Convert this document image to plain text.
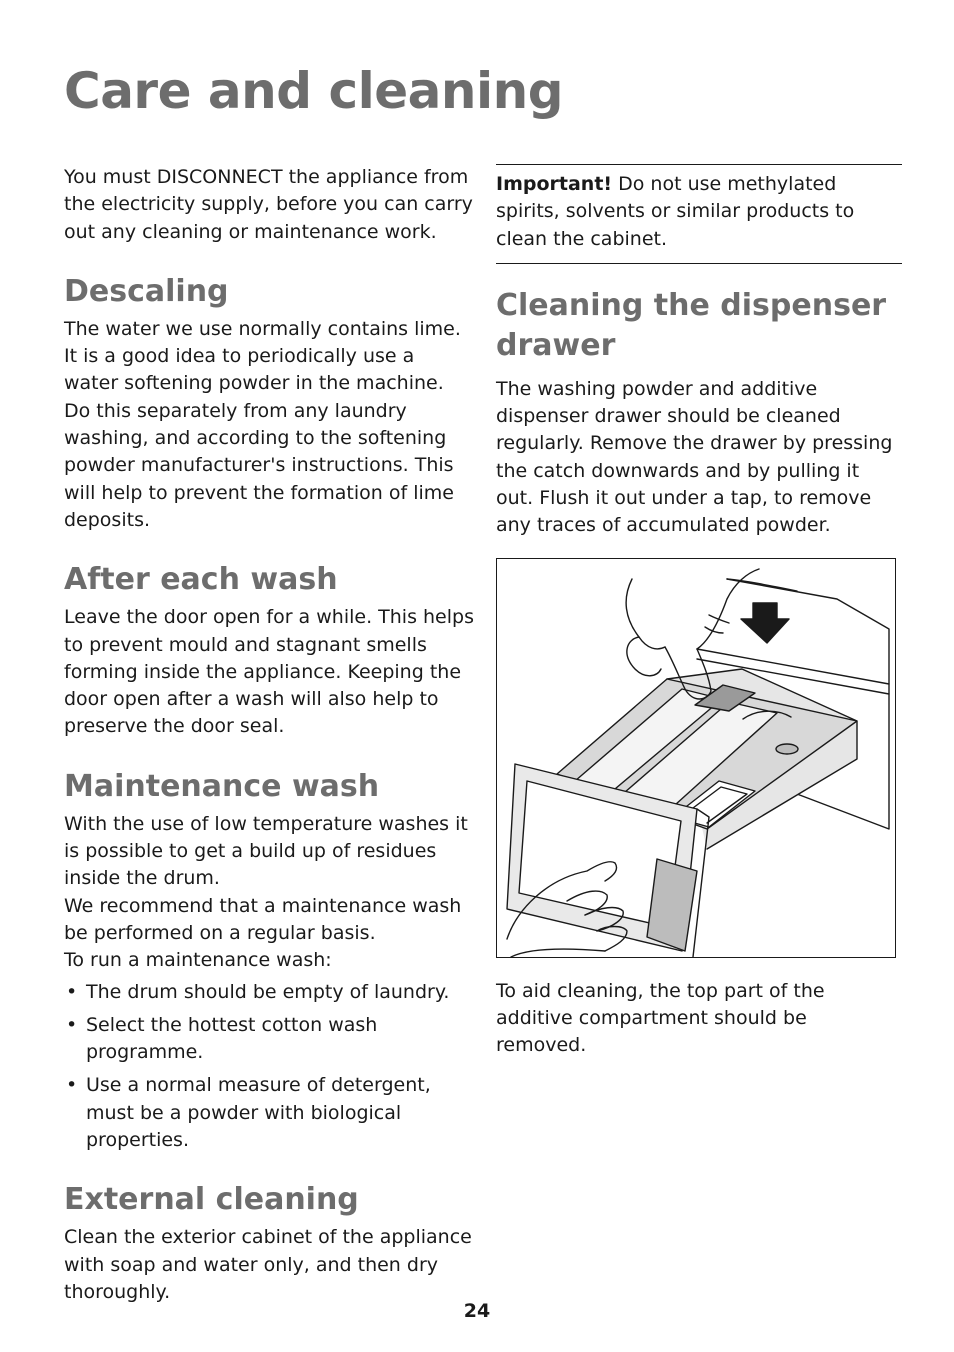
Care and cleaning

You must DISCONNECT the appliance from the electricity supply, before you can carry out any cleaning or maintenance work.

Descaling

The water we use normally contains lime. It is a good idea to periodically use a water softening powder in the machine. Do this separately from any laundry washing, and according to the softening powder manufacturer's instructions. This will help to prevent the formation of lime deposits.

After each wash

Leave the door open for a while. This helps to prevent mould and stagnant smells forming inside the appliance. Keeping the door open after a wash will also help to preserve the door seal.

Maintenance wash

With the use of low temperature washes it is possible to get a build up of residues inside the drum.

We recommend that a maintenance wash be performed on a regular basis.

To run a maintenance wash:

• The drum should be empty of laundry.
• Select the hottest cotton wash programme.
• Use a normal measure of detergent, must be a powder with biological properties.
External cleaning

Clean the exterior cabinet of the appliance with soap and water only, and then dry thoroughly.

Important! Do not use methylated spirits, solvents or similar products to clean the cabinet.

Cleaning the dispenser drawer

The washing powder and additive dispenser drawer should be cleaned regularly. Remove the drawer by pressing the catch downwards and by pulling it out. Flush it out under a tap, to remove any traces of accumulated powder.

To aid cleaning, the top part of the additive compartment should be removed.

24
